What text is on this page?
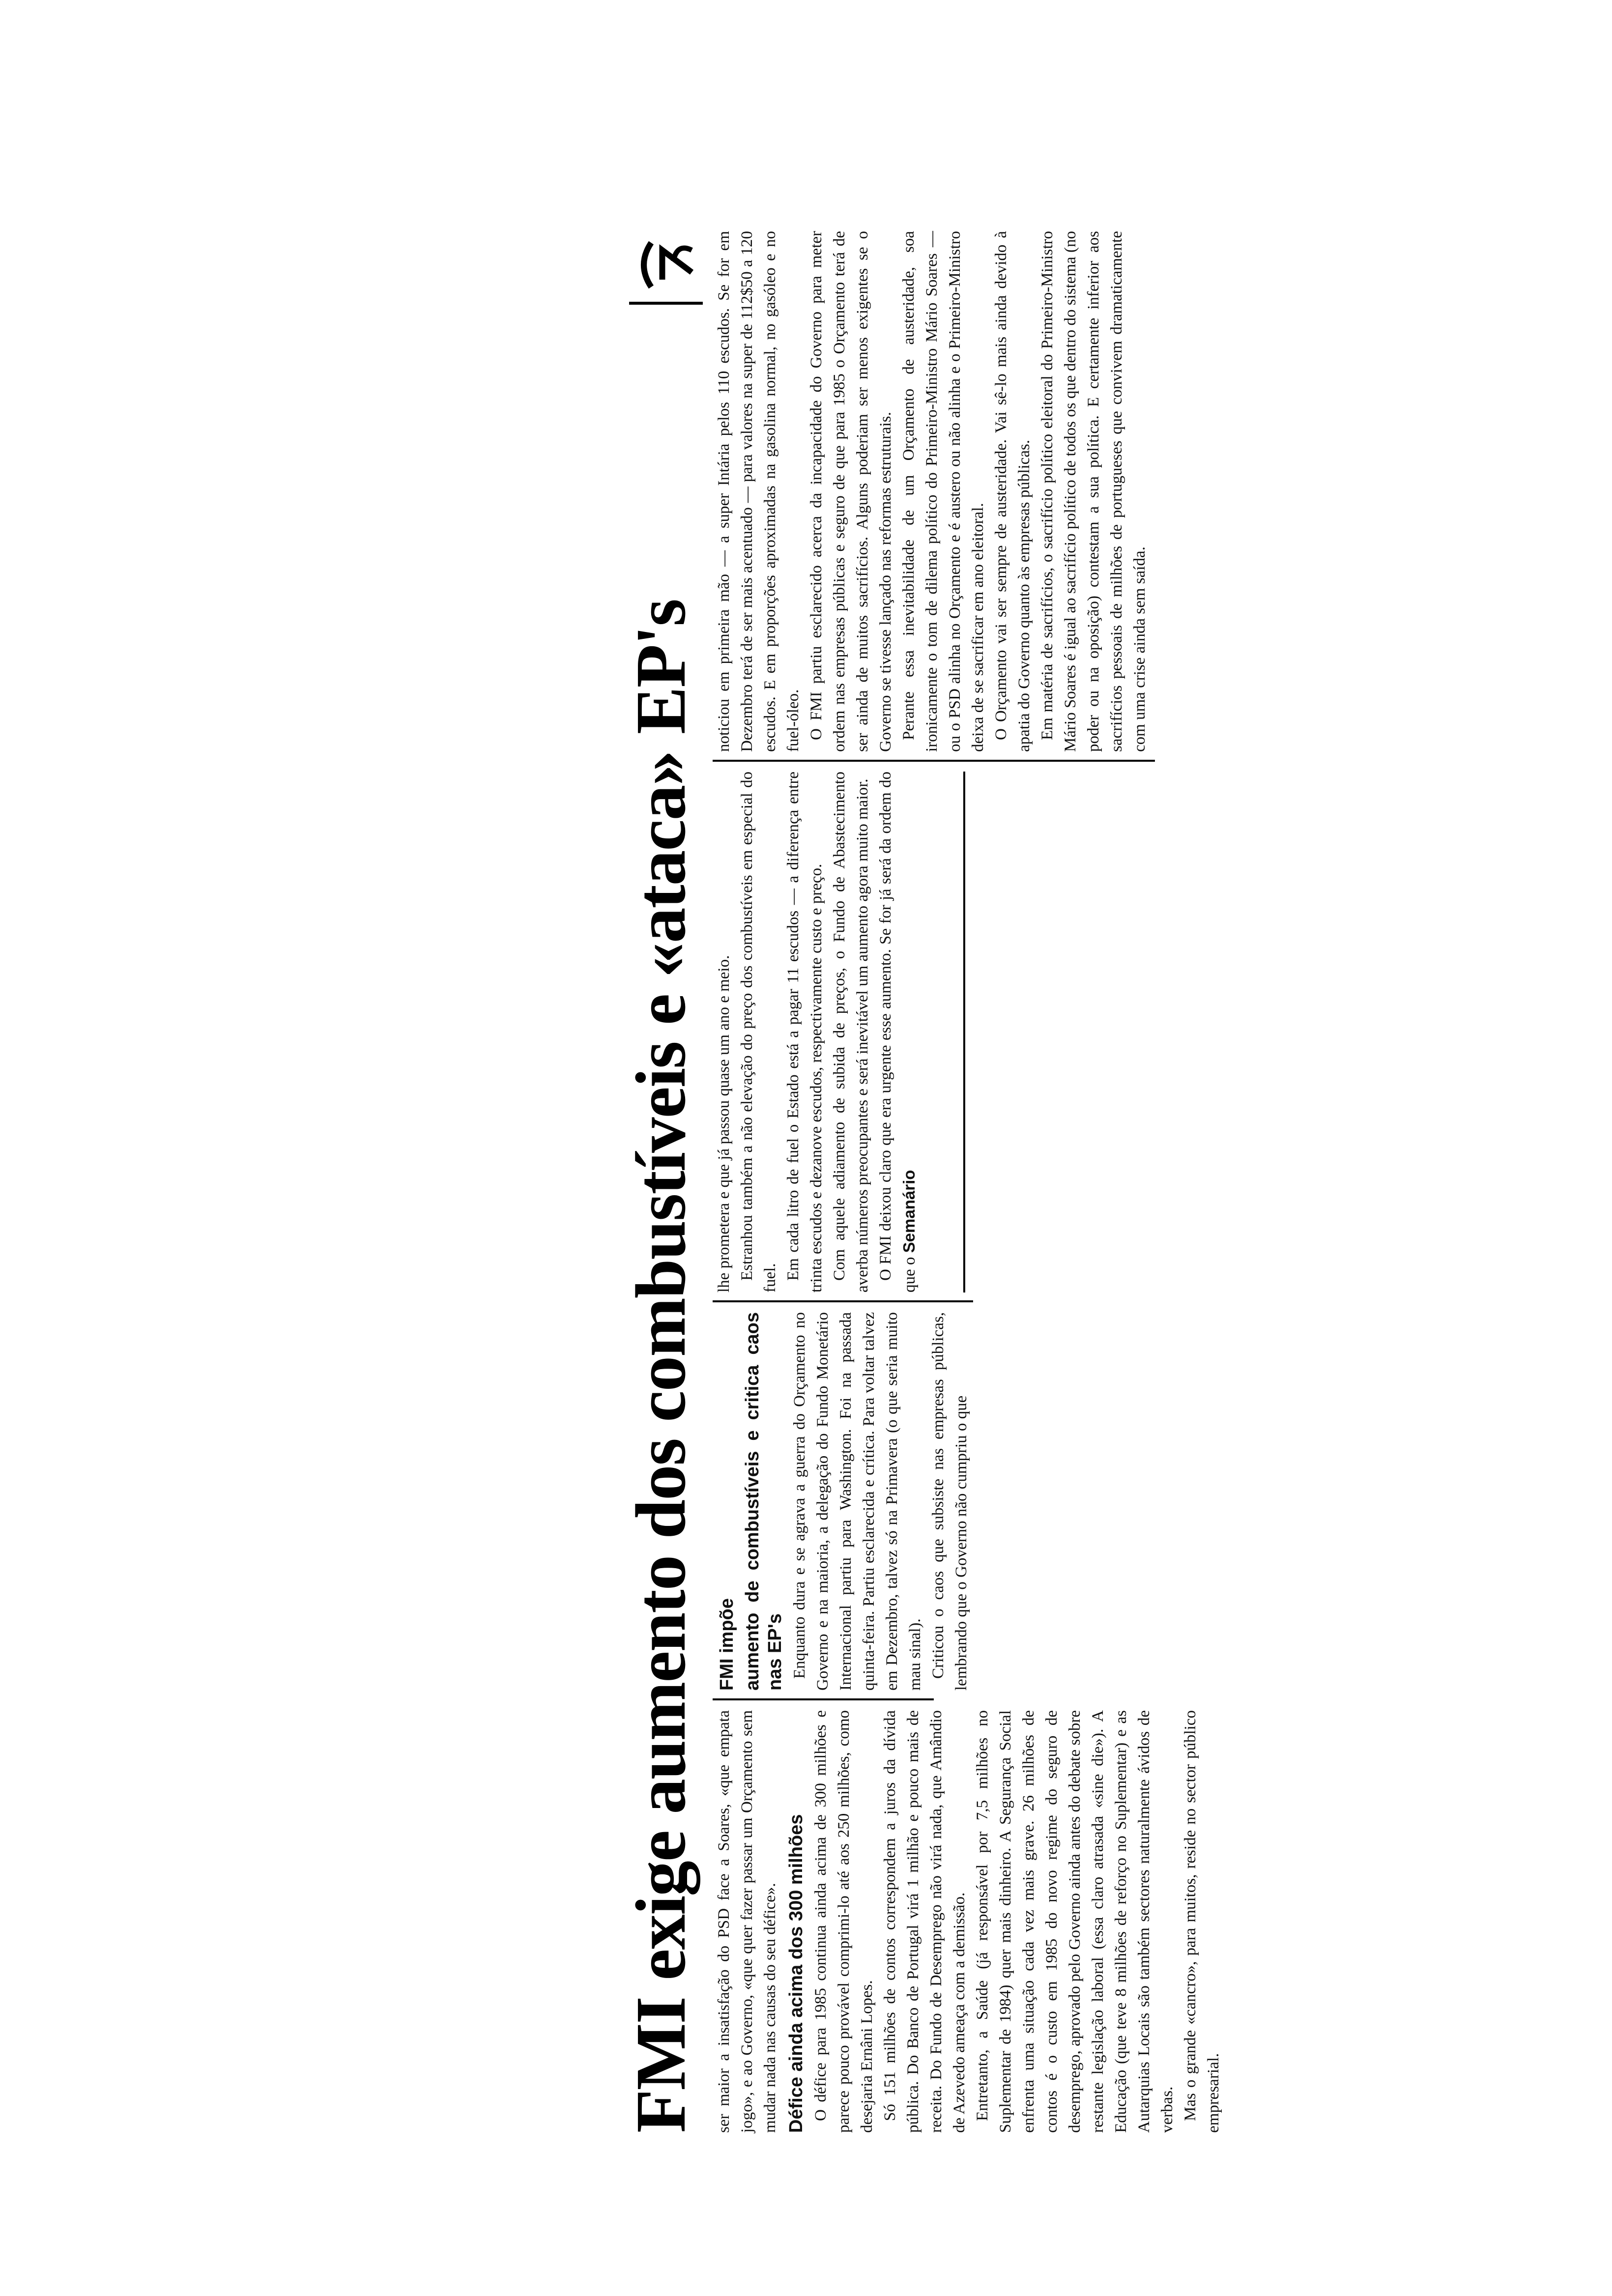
FMI exige aumento dos combustíveis e «ataca» EP's ser maior a insatisfação do PSD face a Soares, «que empata jogo», e ao Governo, «que quer fazer passar um Orçamento sem mudar nada nas causas do seu défice». Défice ainda acima dos 300 milhões O défice para 1985 continua ainda acima de 300 milhões e parece pouco provável comprimi-lo até aos 250 milhões, como desejaria Ernâni Lopes. Só 151 milhões de contos correspondem a juros da dívida pública. Do Banco de Portugal virá 1 milhão e pouco mais de receita. Do Fundo de Desemprego não virá nada, que Amândio de Azevedo ameaça com a demissão. Entretanto, a Saúde (já responsável por 7,5 milhões no Suplementar de 1984) quer mais dinheiro. A Segurança Social enfrenta uma situação cada vez mais grave. 26 milhões de contos é o custo em 1985 do novo regime do seguro de desemprego, aprovado pelo Governo ainda antes do debate sobre restante legislação laboral (essa claro atrasada «sine die»). A Educação (que teve 8 milhões de reforço no Suplementar) e as Autarquias Locais são também sectores naturalmente ávidos de verbas. Mas o grande «cancro», para muitos, reside no sector público empresarial.

FMI impõe aumento de combustíveis e critica caos nas EP's Enquanto dura e se agrava a guerra do Orçamento no Governo e na maioria, a delegação do Fundo Monetário Internacional partiu para Washington. Foi na passada quinta-feira. Partiu esclarecida e crítica. Para voltar talvez em Dezembro, talvez só na Primavera (o que seria muito mau sinal). Criticou o caos que subsiste nas empresas públicas, lembrando que o Governo não cumpriu o que

lhe prometera e que já passou quase um ano e meio. Estranhou também a não elevação do preço dos combustíveis em especial do fuel. Em cada litro de fuel o Estado está a pagar 11 escudos — a diferença entre trinta escudos e dezanove escudos, respectivamente custo e preço. Com aquele adiamento de subida de preços, o Fundo de Abastecimento averba números preocupantes e será inevitável um aumento agora muito maior. O FMI deixou claro que era urgente esse aumento. Se for já será da ordem do que o Semanário

noticiou em primeira mão — a super Intária pelos 110 escudos. Se for em Dezembro terá de ser mais acentuado — para valores na super de 112$50 a 120 escudos. E em proporções aproximadas na gasolina normal, no gasóleo e no fuel-óleo. O FMI partiu esclarecido acerca da incapacidade do Governo para meter ordem nas empresas públicas e seguro de que para 1985 o Orçamento terá de ser ainda de muitos sacrifícios. Alguns poderiam ser menos exigentes se o Governo se tivesse lançado nas reformas estruturais. Perante essa inevitabilidade de um Orçamento de austeridade, soa ironicamente o tom de dilema político do Primeiro-Ministro Mário Soares — ou o PSD alinha no Orçamento e é austero ou não alinha e o Primeiro-Ministro deixa de se sacrificar em ano eleitoral. O Orçamento vai ser sempre de austeridade. Vai sê-lo mais ainda devido à apatia do Governo quanto às empresas públicas. Em matéria de sacrifícios, o sacrifício político eleitoral do Primeiro-Ministro Mário Soares é igual ao sacrifício político de todos os que dentro do sistema (no poder ou na oposição) contestam a sua política. E certamente inferior aos sacrifícios pessoais de milhões de portugueses que convivem dramaticamente com uma crise ainda sem saída.
